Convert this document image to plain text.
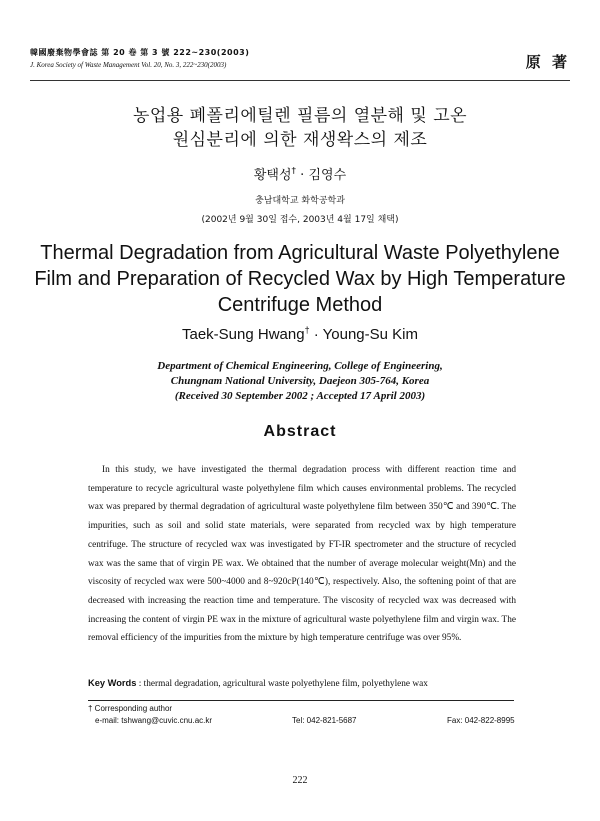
韓國廢棄物學會誌 第 20 卷 第 3 號 222~230(2003)
J. Korea Society of Waste Management Vol. 20, No. 3, 222~230(2003)	原 著
농업용 폐폴리에틸렌 필름의 열분해 및 고온
원심분리에 의한 재생왁스의 제조
황택성† · 김영수
충남대학교 화학공학과
(2002년 9월 30일 접수, 2003년 4월 17일 채택)
Thermal Degradation from Agricultural Waste Polyethylene
Film and Preparation of Recycled Wax by High Temperature
Centrifuge Method
Taek-Sung Hwang† · Young-Su Kim
Department of Chemical Engineering, College of Engineering,
Chungnam National University, Daejeon 305-764, Korea
(Received 30 September 2002 ; Accepted 17 April 2003)
Abstract
In this study, we have investigated the thermal degradation process with different reaction time and temperature to recycle agricultural waste polyethylene film which causes environmental problems. The recycled wax was prepared by thermal degradation of agricultural waste polyethylene film between 350℃ and 390℃. The impurities, such as soil and solid state materials, were separated from recycled wax by high temperature centrifuge. The structure of recycled wax was investigated by FT-IR spectrometer and the structure of recycled wax was the same that of virgin PE wax. We obtained that the number of average molecular weight(Mn) and the viscosity of recycled wax were 500~4000 and 8~920cP(140℃), respectively. Also, the softening point of that are decreased with increasing the reaction time and temperature. The viscosity of recycled wax was decreased with increasing the content of virgin PE wax in the mixture of agricultural waste polyethylene film and virgin wax. The removal efficiency of the impurities from the mixture by high temperature centrifuge was over 95%.
Key Words : thermal degradation, agricultural waste polyethylene film, polyethylene wax
† Corresponding author
e-mail: tshwang@cuvic.cnu.ac.kr	Tel: 042-821-5687	Fax: 042-822-8995
222
